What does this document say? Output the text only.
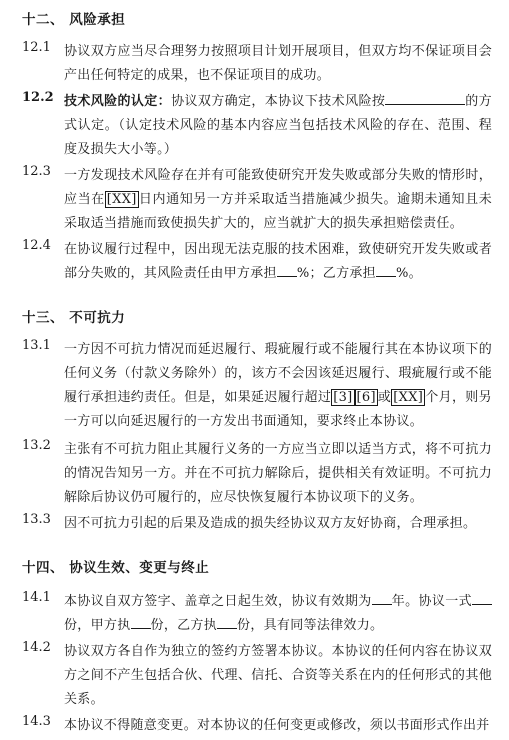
十二、 风险承担
12.1	协议双方应当尽合理努力按照项目计划开展项目，但双方均不保证项目会产出任何特定的成果，也不保证项目的成功。
12.2 技术风险的认定：协议双方确定，本协议下技术风险按	的方式认定。（认定技术风险的基本内容应当包括技术风险的存在、范围、程度及损失大小等。）
12.3	一方发现技术风险存在并有可能致使研究开发失败或部分失败的情形时，应当在 [XX] 日内通知另一方并采取适当措施减少损失。逾期未通知且未采取适当措施而致使损失扩大的，应当就扩大的损失承担赔偿责任。
12.4	在协议履行过程中，因出现无法克服的技术困难，致使研究开发失败或者部分失败的，其风险责任由甲方承担 %；乙方承担 %。
十三、 不可抗力
13.1	一方因不可抗力情况而延迟履行、瑕疵履行或不能履行其在本协议项下的任何义务（付款义务除外）的，该方不会因该延迟履行、瑕疵履行或不能履行承担违约责任。但是，如果延迟履行超过 [3] [6] 或 [XX] 个月，则另一方可以向延迟履行的一方发出书面通知，要求终止本协议。
13.2	主张有不可抗力阻止其履行义务的一方应当立即以适当方式，将不可抗力的情况告知另一方。并在不可抗力解除后，提供相关有效证明。不可抗力解除后协议仍可履行的，应尽快恢复履行本协议项下的义务。
13.3	因不可抗力引起的后果及造成的损失经协议双方友好协商，合理承担。
十四、 协议生效、变更与终止
14.1	本协议自双方签字、盖章之日起生效，协议有效期为 年。协议一式份，甲方执 份，乙方执 份，具有同等法律效力。
14.2	协议双方各自作为独立的签约方签署本协议。本协议的任何内容在协议双方之间不产生包括合伙、代理、信托、合资等关系在内的任何形式的其他关系。
14.3	本协议不得随意变更。对本协议的任何变更或修改，须以书面形式作出并
